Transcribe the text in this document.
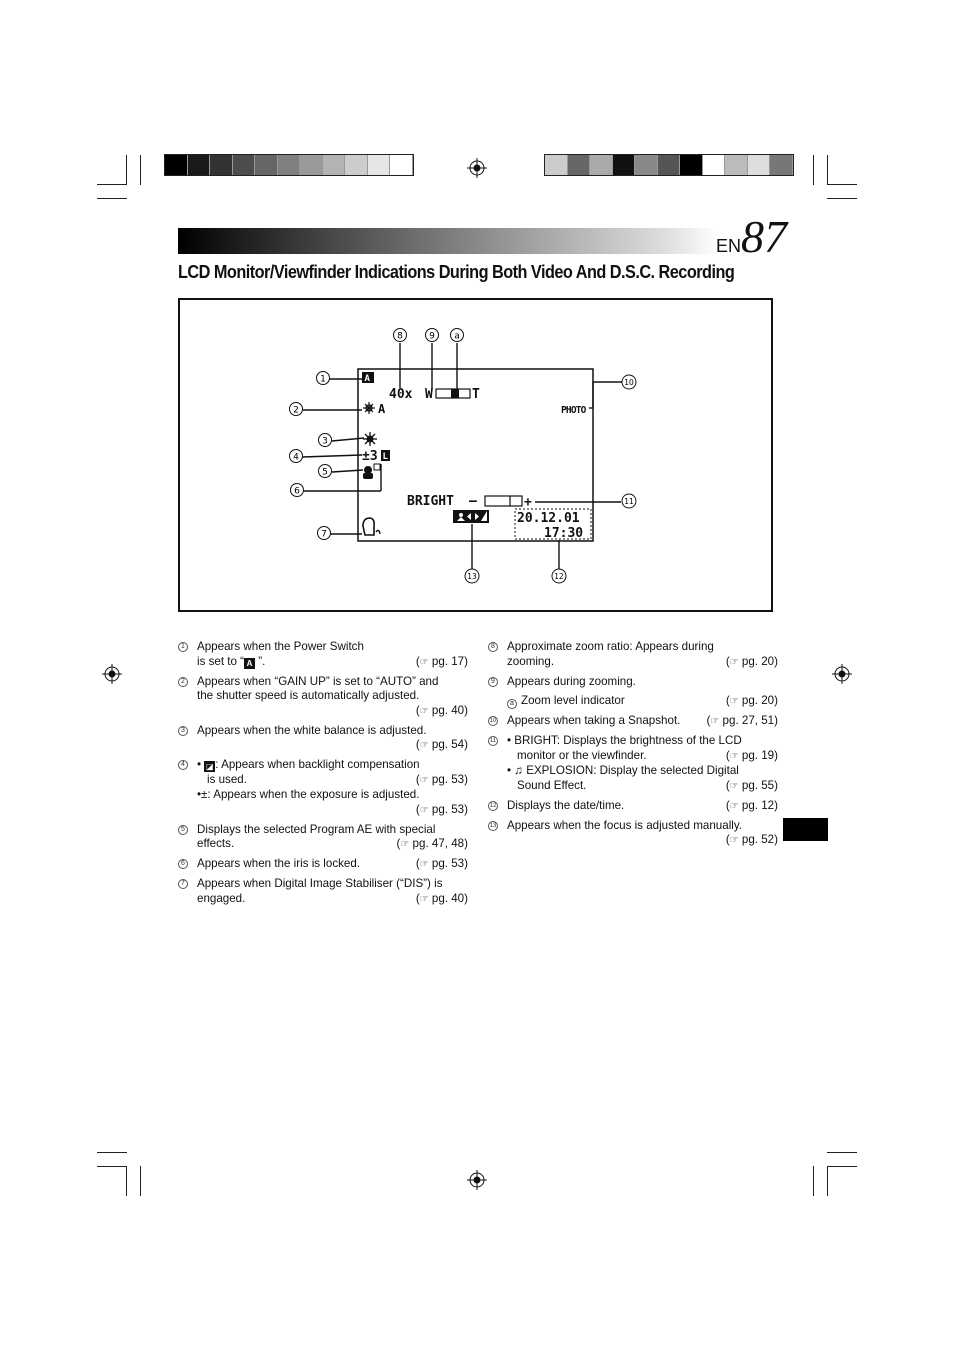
EN87
LCD Monitor/Viewfinder Indications During Both Video And D.S.C. Recording
A
40x W	T
A	PHOTO
±3 L
BRIGHT –	+
20.12.01
17:30
1
2
3
4
5
6
7
8	9 a
10
11
12
13
1 Appears when the Power Switch
is set to “ A ”.	(☞ pg. 17)
2 Appears when “GAIN UP” is set to “AUTO” and
the shutter speed is automatically adjusted.
(☞ pg. 40)
3 Appears when the white balance is adjusted.
(☞ pg. 54)
4 • ◪ : Appears when backlight compensation
is used.	(☞ pg. 53)
•±: Appears when the exposure is adjusted.
(☞ pg. 53)
5 Displays the selected Program AE with special
effects.	(☞ pg. 47, 48)
6 Appears when the iris is locked.	(☞ pg. 53)
7 Appears when Digital Image Stabiliser (“DIS”) is
engaged.	(☞ pg. 40)
8 Approximate zoom ratio: Appears during
zooming.	(☞ pg. 20)
9 Appears during zooming.
a Zoom level indicator	(☞ pg. 20)
10 Appears when taking a Snapshot.	(☞ pg. 27, 51)
11 • BRIGHT: Displays the brightness of the LCD
monitor or the viewfinder.	(☞ pg. 19)
• ♫ EXPLOSION: Display the selected Digital
Sound Effect.	(☞ pg. 55)
12 Displays the date/time.	(☞ pg. 12)
13 Appears when the focus is adjusted manually.
(☞ pg. 52)
